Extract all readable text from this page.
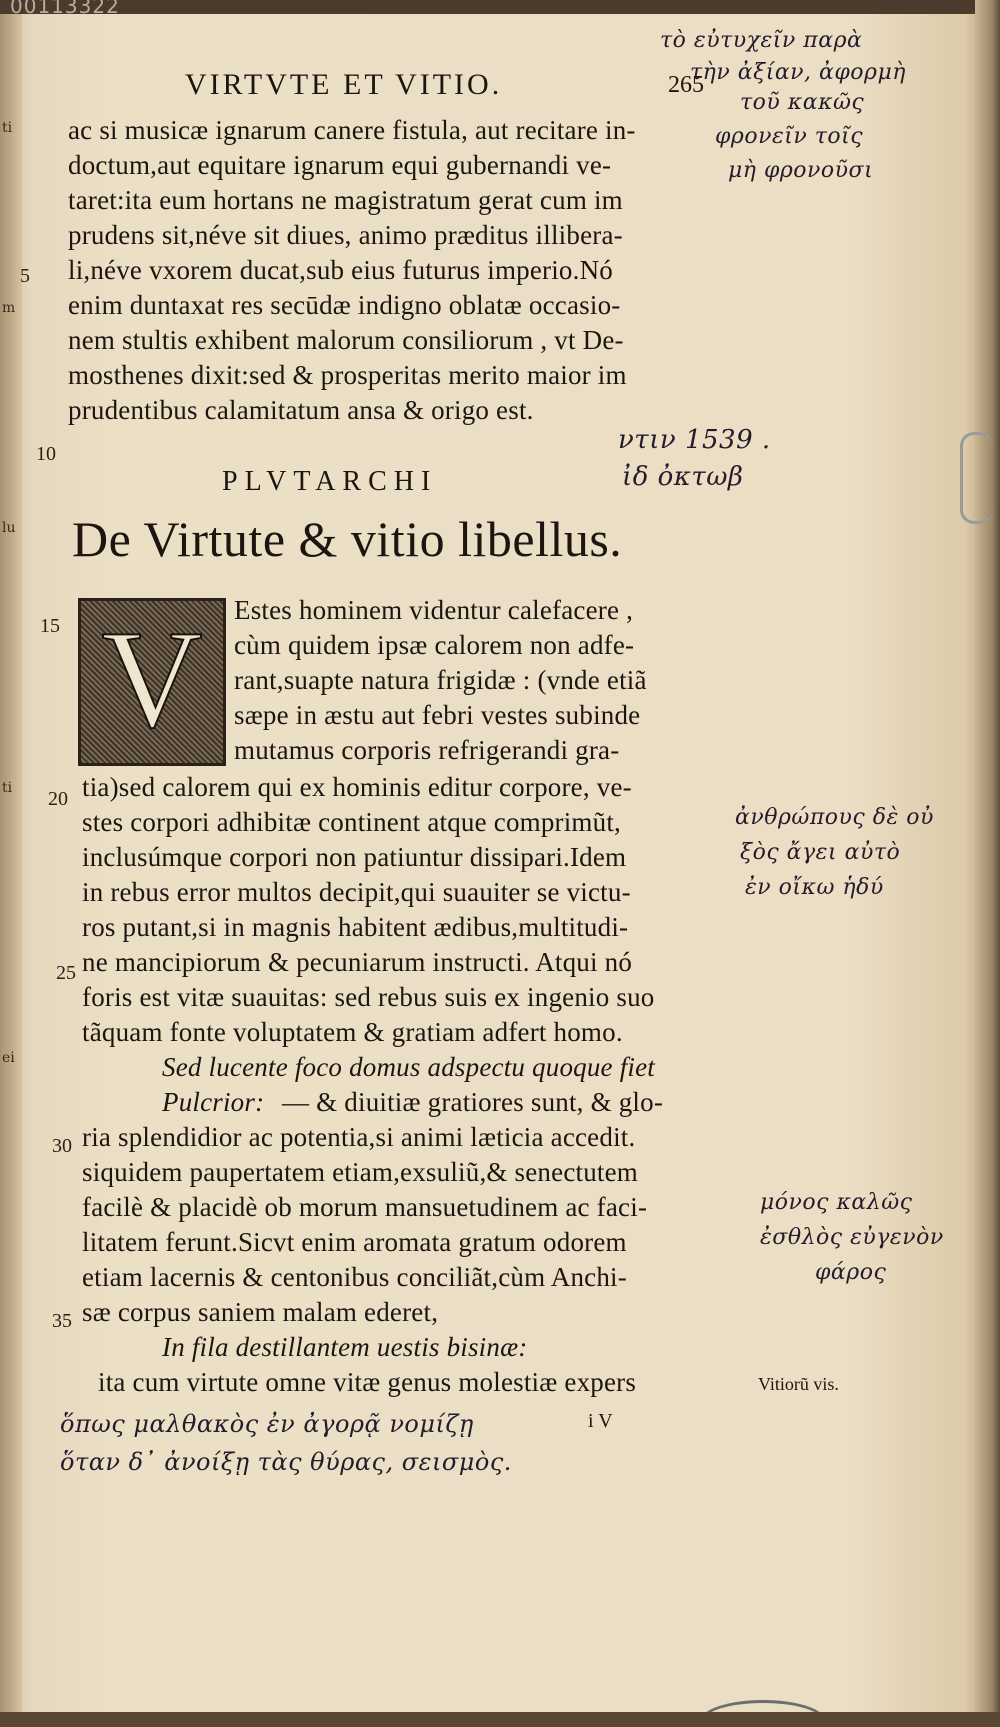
ti
m
lu
ti
ei
00113322
VIRTVTE ET VITIO.	265
τὸ εὐτυχεῖν παρὰ
τὴν ἀξίαν, ἀφορμὴ
τοῦ κακῶς
φρονεῖν τοῖς
μὴ φρονοῦσι
ac si musicæ ignarum canere fistula, aut recitare in-
doctum,aut equitare ignarum equi gubernandi ve-
taret:ita eum hortans ne magistratum gerat cum im
prudens sit,néve sit diues, animo præditus illibera-
5 li,néve vxorem ducat,sub eius futurus imperio.Nó
enim duntaxat res secūdæ indigno oblatæ occasio-
nem stultis exhibent malorum consiliorum , vt De-
mosthenes dixit:sed & prosperitas merito maior im
prudentibus calamitatum ansa & origo est.
10	ντιν 1539 .
ἰδ ὀκτωβ
PLVTARCHI
De Virtute & vitio libellus.
V
15
Estes hominem videntur calefacere ,
cùm quidem ipsæ calorem non adfe-
rant,suapte natura frigidæ : (vnde etiã
sæpe in æstu aut febri vestes subinde
mutamus corporis refrigerandi gra-
20 tia)sed calorem qui ex hominis editur corpore, ve-
stes corpori adhibitæ continent atque comprimũt,
inclusúmque corpori non patiuntur dissipari.Idem
in rebus error multos decipit,qui suauiter se victu-
ros putant,si in magnis habitent ædibus,multitudi-
25 ne mancipiorum & pecuniarum instructi. Atqui nó
foris est vitæ suauitas: sed rebus suis ex ingenio suo
tãquam fonte voluptatem & gratiam adfert homo.
ἀνθρώπους δὲ οὐ
ξὸς ἄγει αὐτὸ
ἐν οἴκω ἡδύ
Sed lucente foco domus adspectu quoque fiet
Pulcrior: — & diuitiæ gratiores sunt, & glo-
30 ria splendidior ac potentia,si animi læticia accedit.
siquidem paupertatem etiam,exsuliũ,& senectutem
facilè & placidè ob morum mansuetudinem ac faci-
litatem ferunt.Sicvt enim aromata gratum odorem
etiam lacernis & centonibus conciliãt,cùm Anchi-
35 sæ corpus saniem malam ederet,
μόνος καλῶς
ἐσθλὸς εὐγενὸν
φάρος
In fila destillantem uestis bisinæ:
ita cum virtute omne vitæ genus molestiæ expers	Vitiorũ vis.
i V
ὅπως μαλθακὸς ἐν ἀγορᾷ νομίζῃ
ὅταν δ᾽ ἀνοίξῃ τὰς θύρας, σεισμὸς.
